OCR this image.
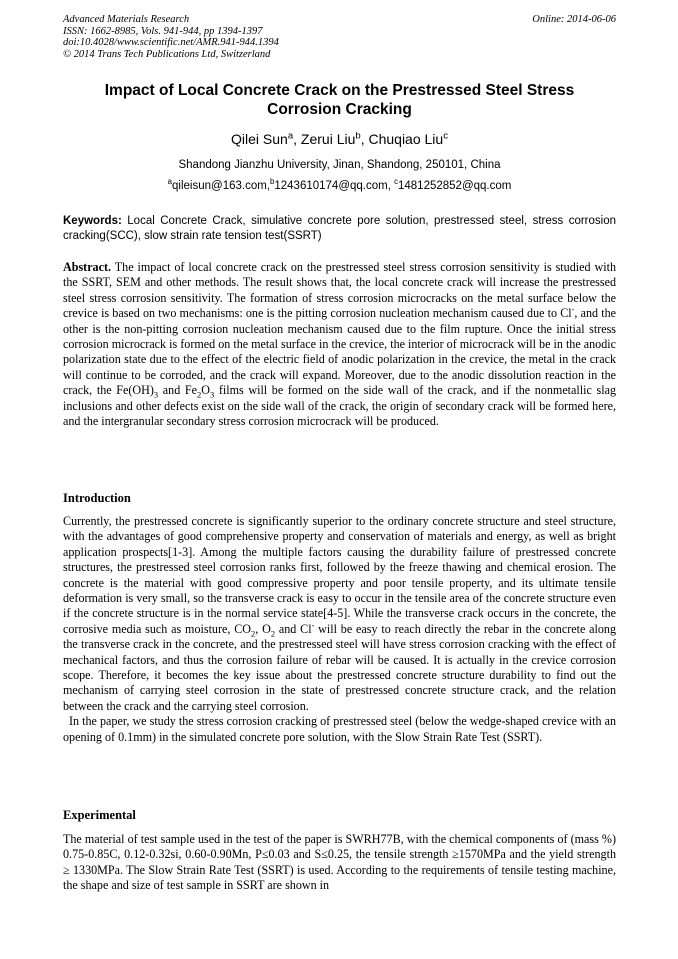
Advanced Materials Research
ISSN: 1662-8985, Vols. 941-944, pp 1394-1397
doi:10.4028/www.scientific.net/AMR.941-944.1394
© 2014 Trans Tech Publications Ltd, Switzerland
Online: 2014-06-06
Impact of Local Concrete Crack on the Prestressed Steel Stress
Corrosion Cracking
Qilei Sun$^a$, Zerui Liu$^b$, Chuqiao Liu$^c$
Shandong Jianzhu University, Jinan, Shandong, 250101, China
$^a$qileisun@163.com,$^b$1243610174@qq.com, $^c$1481252852@qq.com
Keywords: Local Concrete Crack, simulative concrete pore solution, prestressed steel, stress corrosion cracking(SCC), slow strain rate tension test(SSRT)

Abstract. The impact of local concrete crack on the prestressed steel stress corrosion sensitivity is studied with the SSRT, SEM and other methods. The result shows that, the local concrete crack will increase the prestressed steel stress corrosion sensitivity. The formation of stress corrosion microcracks on the metal surface below the crevice is based on two mechanisms: one is the pitting corrosion nucleation mechanism caused due to Cl-, and the other is the non-pitting corrosion nucleation mechanism caused due to the film rupture. Once the initial stress corrosion microcrack is formed on the metal surface in the crevice, the interior of microcrack will be in the anodic polarization state due to the effect of the electric field of anodic polarization in the crevice, the metal in the crack will continue to be corroded, and the crack will expand. Moreover, due to the anodic dissolution reaction in the crack, the $Fe(OH)_3$ and $Fe_2O_3$ films will be formed on the side wall of the crack, and if the nonmetallic slag inclusions and other defects exist on the side wall of the crack, the origin of secondary crack will be formed here, and the intergranular secondary stress corrosion microcrack will be produced.

Introduction

Currently, the prestressed concrete is significantly superior to the ordinary concrete structure and steel structure, with the advantages of good comprehensive property and conservation of materials and energy, as well as bright application prospects[1-3]. Among the multiple factors causing the durability failure of prestressed concrete structures, the prestressed steel corrosion ranks first, followed by the freeze thawing and chemical erosion. The concrete is the material with good compressive property and poor tensile property, and its ultimate tensile deformation is very small, so the transverse crack is easy to occur in the tensile area of the concrete structure even if the concrete structure is in the normal service state[4-5]. While the transverse crack occurs in the concrete, the corrosive media such as moisture, $CO_2$, $O_2$ and Cl- will be easy to reach directly the rebar in the concrete along the transverse crack in the concrete, and the prestressed steel will have stress corrosion cracking with the effect of mechanical factors, and thus the corrosion failure of rebar will be caused. It is actually in the crevice corrosion scope. Therefore, it becomes the key issue about the prestressed concrete structure durability to find out the mechanism of carrying steel corrosion in the state of prestressed concrete structure crack, and the relation between the crack and the carrying steel corrosion.

In the paper, we study the stress corrosion cracking of prestressed steel (below the wedge-shaped crevice with an opening of 0.1mm) in the simulated concrete pore solution, with the Slow Strain Rate Test (SSRT).

Experimental
The material of test sample used in the test of the paper is SWRH77B, with the chemical components of (mass %) 0.75-0.85C, 0.12-0.32si, 0.60-0.90Mn, P≤0.03 and S≤0.25, the tensile strength ≥1570MPa and the yield strength ≥ 1330MPa. The Slow Strain Rate Test (SSRT) is used. According to the requirements of tensile testing machine, the shape and size of test sample in SSRT are shown in
